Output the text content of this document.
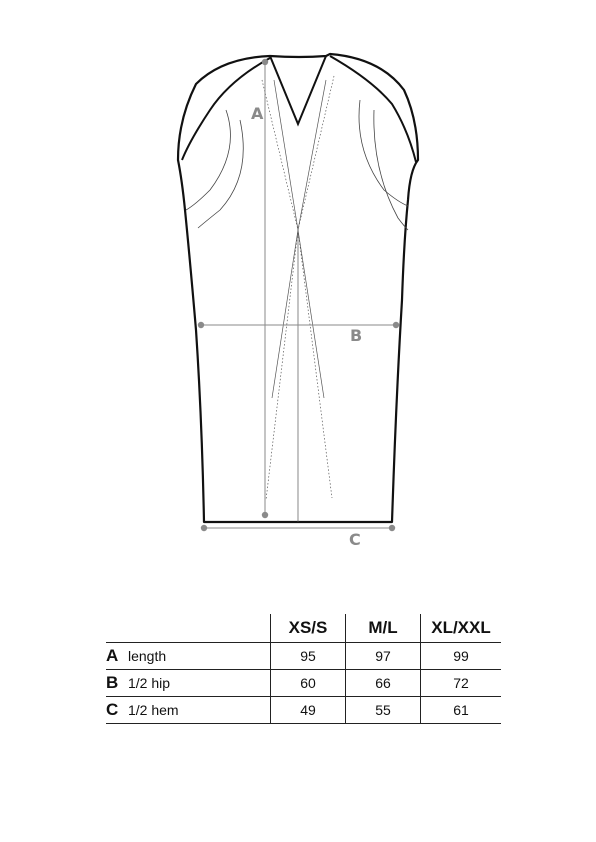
A
B
C
	XS/S	M/L	XL/XXL
A length	95	97	99
B 1/2 hip	60	66	72
C 1/2 hem	49	55	61
